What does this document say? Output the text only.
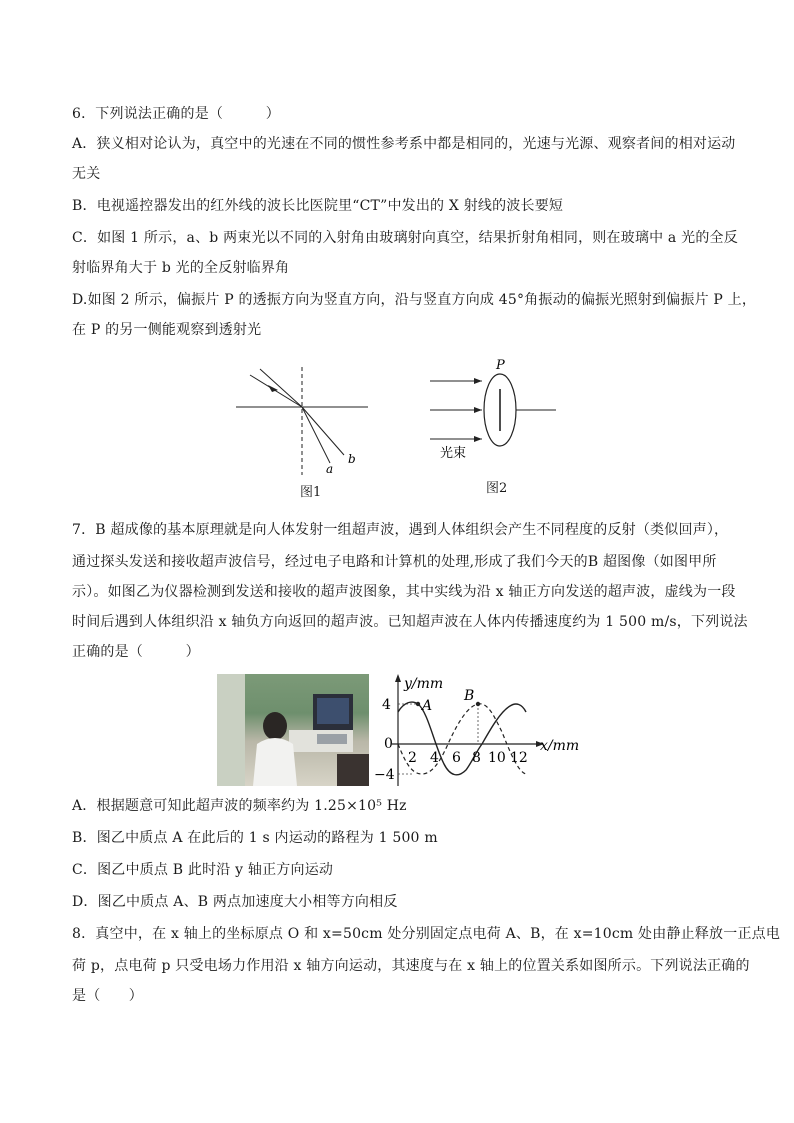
6．下列说法正确的是（　　　）
A．狭义相对论认为，真空中的光速在不同的惯性参考系中都是相同的，光速与光源、观察者间的相对运动
无关
B．电视遥控器发出的红外线的波长比医院里“CT”中发出的 X 射线的波长要短
C．如图 1 所示，a、b 两束光以不同的入射角由玻璃射向真空，结果折射角相同，则在玻璃中 a 光的全反
射临界角大于 b 光的全反射临界角
D.如图 2 所示，偏振片 P 的透振方向为竖直方向，沿与竖直方向成 45°角振动的偏振光照射到偏振片 P 上，
在 P 的另一侧能观察到透射光
a
b
图1
P
光束
图2
7．B 超成像的基本原理就是向人体发射一组超声波，遇到人体组织会产生不同程度的反射（类似回声），
通过探头发送和接收超声波信号，经过电子电路和计算机的处理,形成了我们今天的B 超图像（如图甲所
示）。如图乙为仪器检测到发送和接收的超声波图象，其中实线为沿 x 轴正方向发送的超声波，虚线为一段
时间后遇到人体组织沿 x 轴负方向返回的超声波。已知超声波在人体内传播速度约为 1 500 m/s，下列说法
正确的是（　　　）
y/mm
x/mm
4
0
−4
A
B
2 4 6 8 10 12
A．根据题意可知此超声波的频率约为 1.25×10⁵ Hz
B．图乙中质点 A 在此后的 1 s 内运动的路程为 1 500 m
C．图乙中质点 B 此时沿 y 轴正方向运动
D．图乙中质点 A、B 两点加速度大小相等方向相反
8．真空中，在 x 轴上的坐标原点 O 和 x=50cm 处分别固定点电荷 A、B，在 x=10cm 处由静止释放一正点电
荷 p，点电荷 p 只受电场力作用沿 x 轴方向运动，其速度与在 x 轴上的位置关系如图所示。下列说法正确的
是（　　）
